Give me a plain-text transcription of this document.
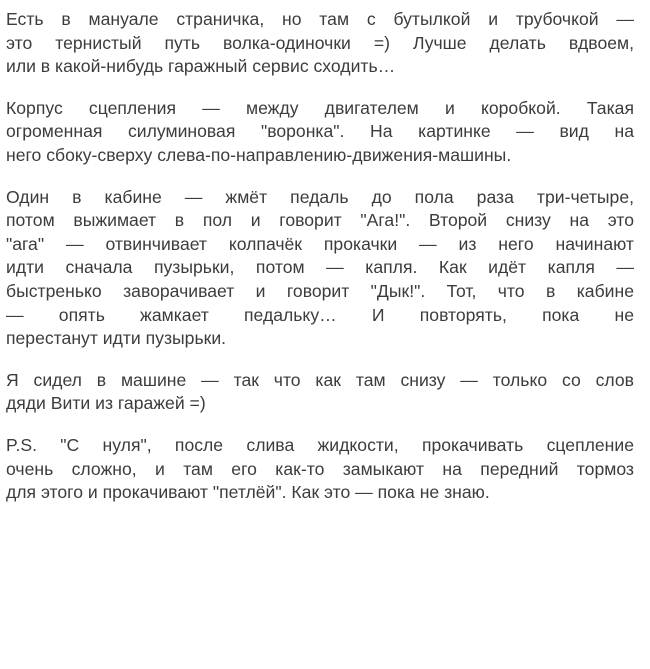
Есть в мануале страничка, но там с бутылкой и трубочкой —
это тернистый путь волка-одиночки =) Лучше делать вдвоем,
или в какой-нибудь гаражный сервис сходить…

Корпус сцепления — между двигателем и коробкой. Такая
огроменная силуминовая "воронка". На картинке — вид на
него сбоку-сверху слева-по-направлению-движения-машины.

Один в кабине — жмёт педаль до пола раза три-четыре,
потом выжимает в пол и говорит "Ага!". Второй снизу на это
"ага" — отвинчивает колпачёк прокачки — из него начинают
идти сначала пузырьки, потом — капля. Как идёт капля —
быстренько заворачивает и говорит "Дык!". Тот, что в кабине
— опять жамкает педальку… И повторять, пока не
перестанут идти пузырьки.

Я сидел в машине — так что как там снизу — только со слов
дяди Вити из гаражей =)

P.S. "С нуля", после слива жидкости, прокачивать сцепление
очень сложно, и там его как-то замыкают на передний тормоз
для этого и прокачивают "петлёй". Как это — пока не знаю.
